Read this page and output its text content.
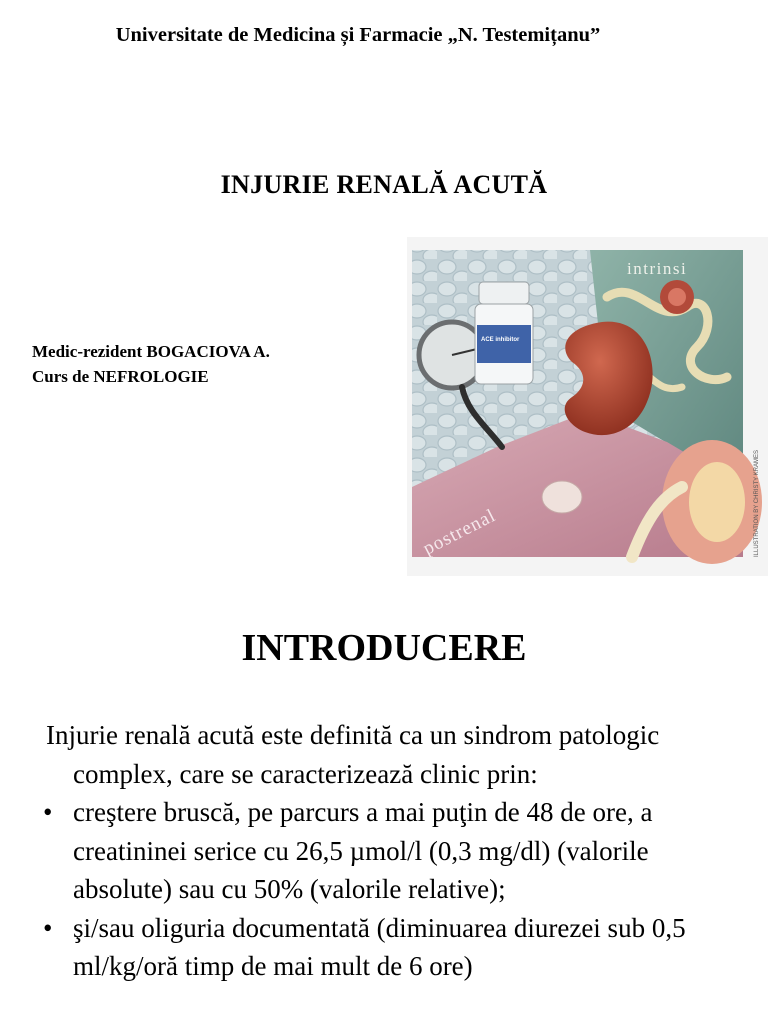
Universitate de Medicina și Farmacie „N. Testemițanu”
INJURIE RENALĂ ACUTĂ
Medic-rezident BOGACIOVA A.
Curs de NEFROLOGIE
ACE inhibitor
intrinsi
postrenal	ILLUSTRATION BY CHRISTY KRAMES
INTRODUCERE
Injurie renală acută este definită ca un sindrom patologic complex, care se caracterizează clinic prin:
• creştere bruscă, pe parcurs a mai puţin de 48 de ore, a creatininei serice cu 26,5 µmol/l (0,3 mg/dl) (valorile absolute) sau cu 50% (valorile relative);
• şi/sau oliguria documentată (diminuarea diurezei sub 0,5 ml/kg/oră timp de mai mult de 6 ore)
